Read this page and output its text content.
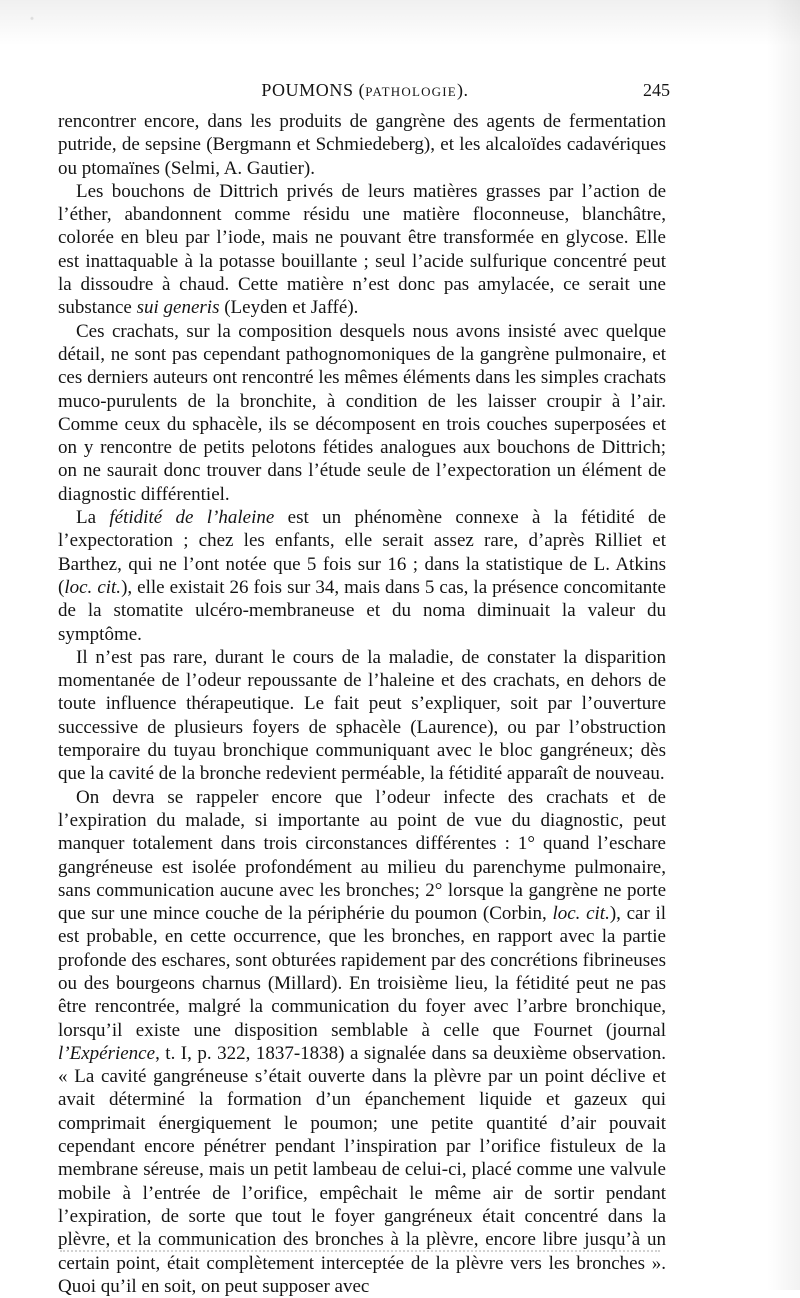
POUMONS (PATHOLOGIE).	245

rencontrer encore, dans les produits de gangrène des agents de fermentation putride, de sepsine (Bergmann et Schmiedeberg), et les alcaloïdes cadavériques ou ptomaïnes (Selmi, A. Gautier).

Les bouchons de Dittrich privés de leurs matières grasses par l’action de l’éther, abandonnent comme résidu une matière floconneuse, blanchâtre, colorée en bleu par l’iode, mais ne pouvant être transformée en glycose. Elle est inattaquable à la potasse bouillante ; seul l’acide sulfurique concentré peut la dissoudre à chaud. Cette matière n’est donc pas amylacée, ce serait une substance sui generis (Leyden et Jaffé).

Ces crachats, sur la composition desquels nous avons insisté avec quelque détail, ne sont pas cependant pathognomoniques de la gangrène pulmonaire, et ces derniers auteurs ont rencontré les mêmes éléments dans les simples crachats muco-purulents de la bronchite, à condition de les laisser croupir à l’air. Comme ceux du sphacèle, ils se décomposent en trois couches superposées et on y rencontre de petits pelotons fétides analogues aux bouchons de Dittrich; on ne saurait donc trouver dans l’étude seule de l’expectoration un élément de diagnostic différentiel.

La fétidité de l’haleine est un phénomène connexe à la fétidité de l’expectoration ; chez les enfants, elle serait assez rare, d’après Rilliet et Barthez, qui ne l’ont notée que 5 fois sur 16 ; dans la statistique de L. Atkins (loc. cit.), elle existait 26 fois sur 34, mais dans 5 cas, la présence concomitante de la stomatite ulcéro-membraneuse et du noma diminuait la valeur du symptôme.

Il n’est pas rare, durant le cours de la maladie, de constater la disparition momentanée de l’odeur repoussante de l’haleine et des crachats, en dehors de toute influence thérapeutique. Le fait peut s’expliquer, soit par l’ouverture successive de plusieurs foyers de sphacèle (Laurence), ou par l’obstruction temporaire du tuyau bronchique communiquant avec le bloc gangréneux; dès que la cavité de la bronche redevient perméable, la fétidité apparaît de nouveau.

On devra se rappeler encore que l’odeur infecte des crachats et de l’expiration du malade, si importante au point de vue du diagnostic, peut manquer totalement dans trois circonstances différentes : 1° quand l’eschare gangréneuse est isolée profondément au milieu du parenchyme pulmonaire, sans communication aucune avec les bronches; 2° lorsque la gangrène ne porte que sur une mince couche de la périphérie du poumon (Corbin, loc. cit.), car il est probable, en cette occurrence, que les bronches, en rapport avec la partie profonde des eschares, sont obturées rapidement par des concrétions fibrineuses ou des bourgeons charnus (Millard). En troisième lieu, la fétidité peut ne pas être rencontrée, malgré la communication du foyer avec l’arbre bronchique, lorsqu’il existe une disposition semblable à celle que Fournet (journal l’Expérience, t. I, p. 322, 1837-1838) a signalée dans sa deuxième observation. « La cavité gangréneuse s’était ouverte dans la plèvre par un point déclive et avait déterminé la formation d’un épanchement liquide et gazeux qui comprimait énergiquement le poumon; une petite quantité d’air pouvait cependant encore pénétrer pendant l’inspiration par l’orifice fistuleux de la membrane séreuse, mais un petit lambeau de celui-ci, placé comme une valvule mobile à l’entrée de l’orifice, empêchait le même air de sortir pendant l’expiration, de sorte que tout le foyer gangréneux était concentré dans la plèvre, et la communication des bronches à la plèvre, encore libre jusqu’à un certain point, était complètement interceptée de la plèvre vers les bronches ». Quoi qu’il en soit, on peut supposer avec
